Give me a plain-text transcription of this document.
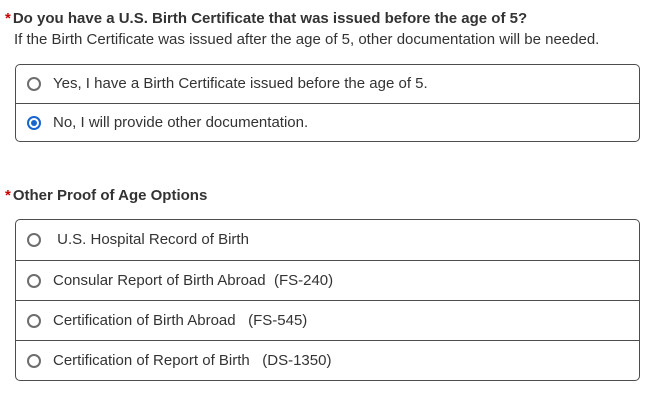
* Do you have a U.S. Birth Certificate that was issued before the age of 5?
If the Birth Certificate was issued after the age of 5, other documentation will be needed.
Yes, I have a Birth Certificate issued before the age of 5.
No, I will provide other documentation.
* Other Proof of Age Options
U.S. Hospital Record of Birth
Consular Report of Birth Abroad  (FS-240)
Certification of Birth Abroad   (FS-545)
Certification of Report of Birth   (DS-1350)
